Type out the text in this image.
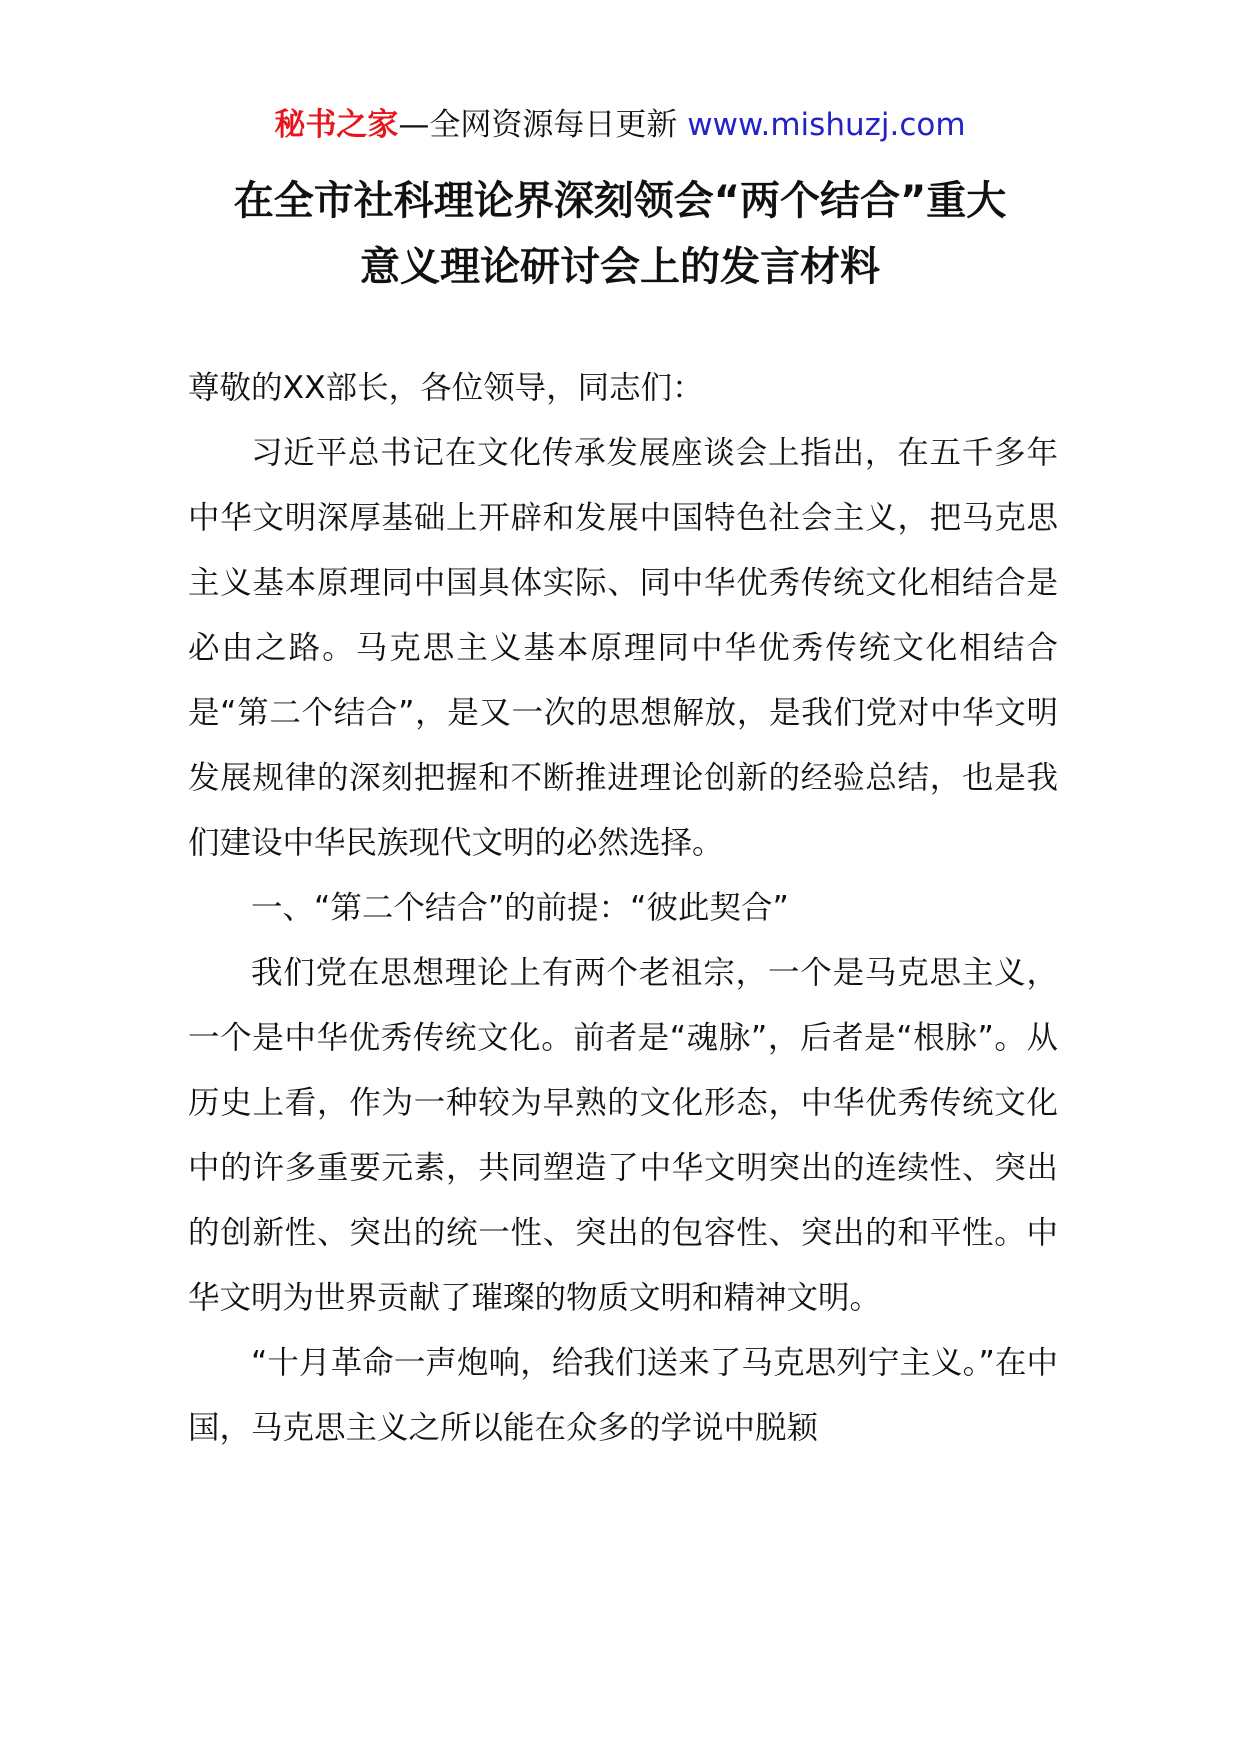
秘书之家—全网资源每日更新 www.mishuzj.com
在全市社科理论界深刻领会“两个结合”重大
意义理论研讨会上的发言材料

尊敬的XX部长，各位领导，同志们：

习近平总书记在文化传承发展座谈会上指出，在五千多年中华文明深厚基础上开辟和发展中国特色社会主义，把马克思主义基本原理同中国具体实际、同中华优秀传统文化相结合是必由之路。马克思主义基本原理同中华优秀传统文化相结合是“第二个结合”，是又一次的思想解放，是我们党对中华文明发展规律的深刻把握和不断推进理论创新的经验总结，也是我们建设中华民族现代文明的必然选择。

一、“第二个结合”的前提：“彼此契合”

我们党在思想理论上有两个老祖宗，一个是马克思主义，一个是中华优秀传统文化。前者是“魂脉”，后者是“根脉”。从历史上看，作为一种较为早熟的文化形态，中华优秀传统文化中的许多重要元素，共同塑造了中华文明突出的连续性、突出的创新性、突出的统一性、突出的包容性、突出的和平性。中华文明为世界贡献了璀璨的物质文明和精神文明。

“十月革命一声炮响，给我们送来了马克思列宁主义。”在中国，马克思主义之所以能在众多的学说中脱颖
